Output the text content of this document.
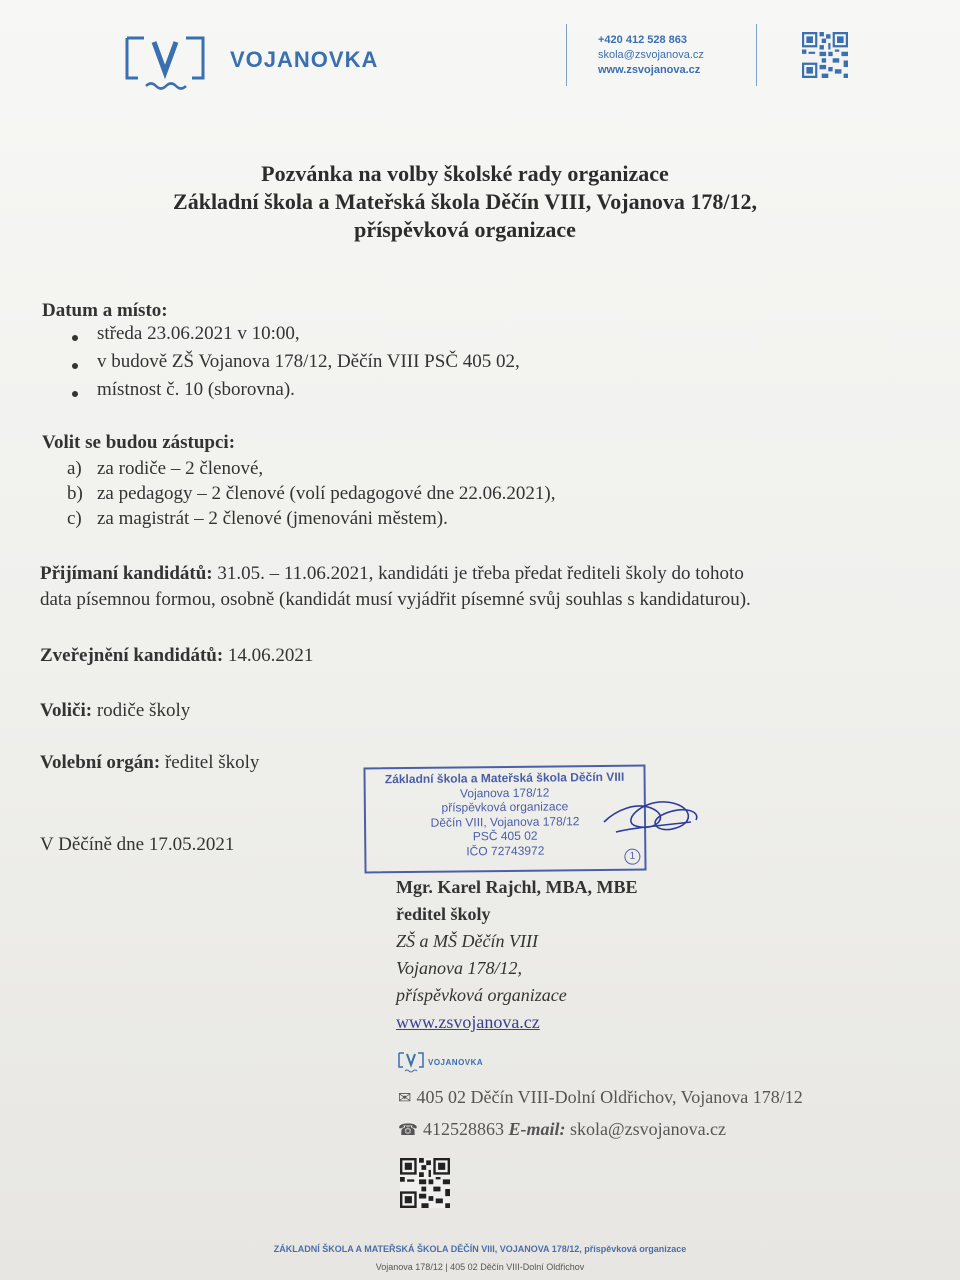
VOJANOVKA
+420 412 528 863
skola@zsvojanova.cz
www.zsvojanova.cz
Pozvánka na volby školské rady organizace
Základní škola a Mateřská škola Děčín VIII, Vojanova 178/12,
příspěvková organizace
Datum a místo:
středa 23.06.2021 v 10:00,
v budově ZŠ Vojanova 178/12, Děčín VIII PSČ 405 02,
místnost č. 10 (sborovna).
Volit se budou zástupci:
a) za rodiče – 2 členové,
b) za pedagogy – 2 členové (volí pedagogové dne 22.06.2021),
c) za magistrát – 2 členové (jmenováni městem).
Přijímaní kandidátů: 31.05. – 11.06.2021, kandidáti je třeba předat řediteli školy do tohoto
data písemnou formou, osobně (kandidát musí vyjádřit písemné svůj souhlas s kandidaturou).
Zveřejnění kandidátů: 14.06.2021
Voliči: rodiče školy
Volební orgán: ředitel školy
V Děčíně dne 17.05.2021
Základní škola a Mateřská škola Děčín VIII
Vojanova 178/12
příspěvková organizace
Děčín VIII, Vojanova 178/12
PSČ 405 02
IČO 72743972	1
Mgr. Karel Rajchl, MBA, MBE
ředitel školy
ZŠ a MŠ Děčín VIII
Vojanova 178/12,
příspěvková organizace
www.zsvojanova.cz
VOJANOVKA
✉ 405 02 Děčín VIII-Dolní Oldřichov, Vojanova 178/12
☎ 412528863 E-mail: skola@zsvojanova.cz
ZÁKLADNÍ ŠKOLA A MATEŘSKÁ ŠKOLA DĚČÍN VIII, VOJANOVA 178/12, příspěvková organizace
Vojanova 178/12 | 405 02 Děčín VIII-Dolní Oldřichov
